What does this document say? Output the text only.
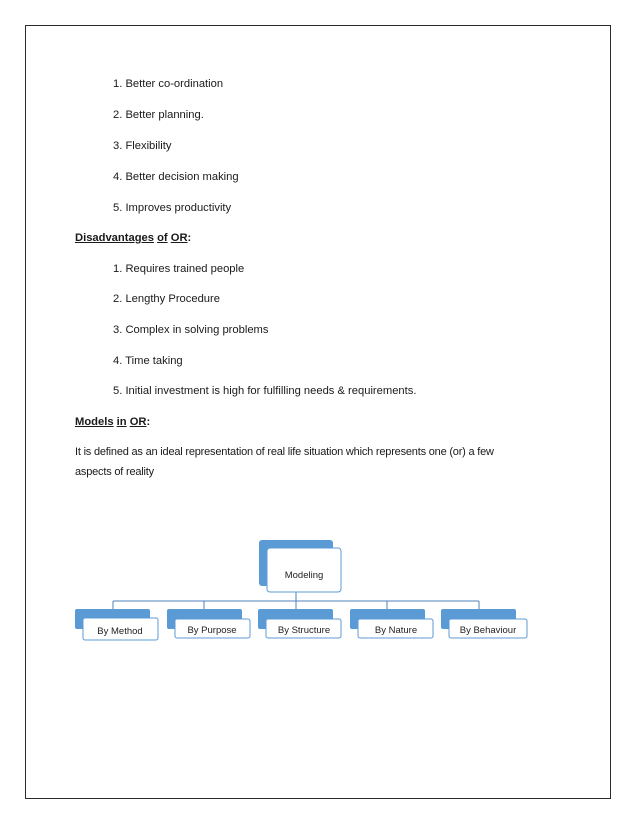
1. Better co-ordination
2. Better planning.
3. Flexibility
4. Better decision making
5. Improves productivity
Disadvantages of OR:
1. Requires trained people
2. Lengthy Procedure
3. Complex in solving problems
4. Time taking
5. Initial investment is high for fulfilling needs & requirements.
Models in OR:
It is defined as an ideal representation of real life situation which represents one (or) a few
aspects of reality
Modeling
By Method	By Purpose	By Structure	By Nature	By Behaviour
